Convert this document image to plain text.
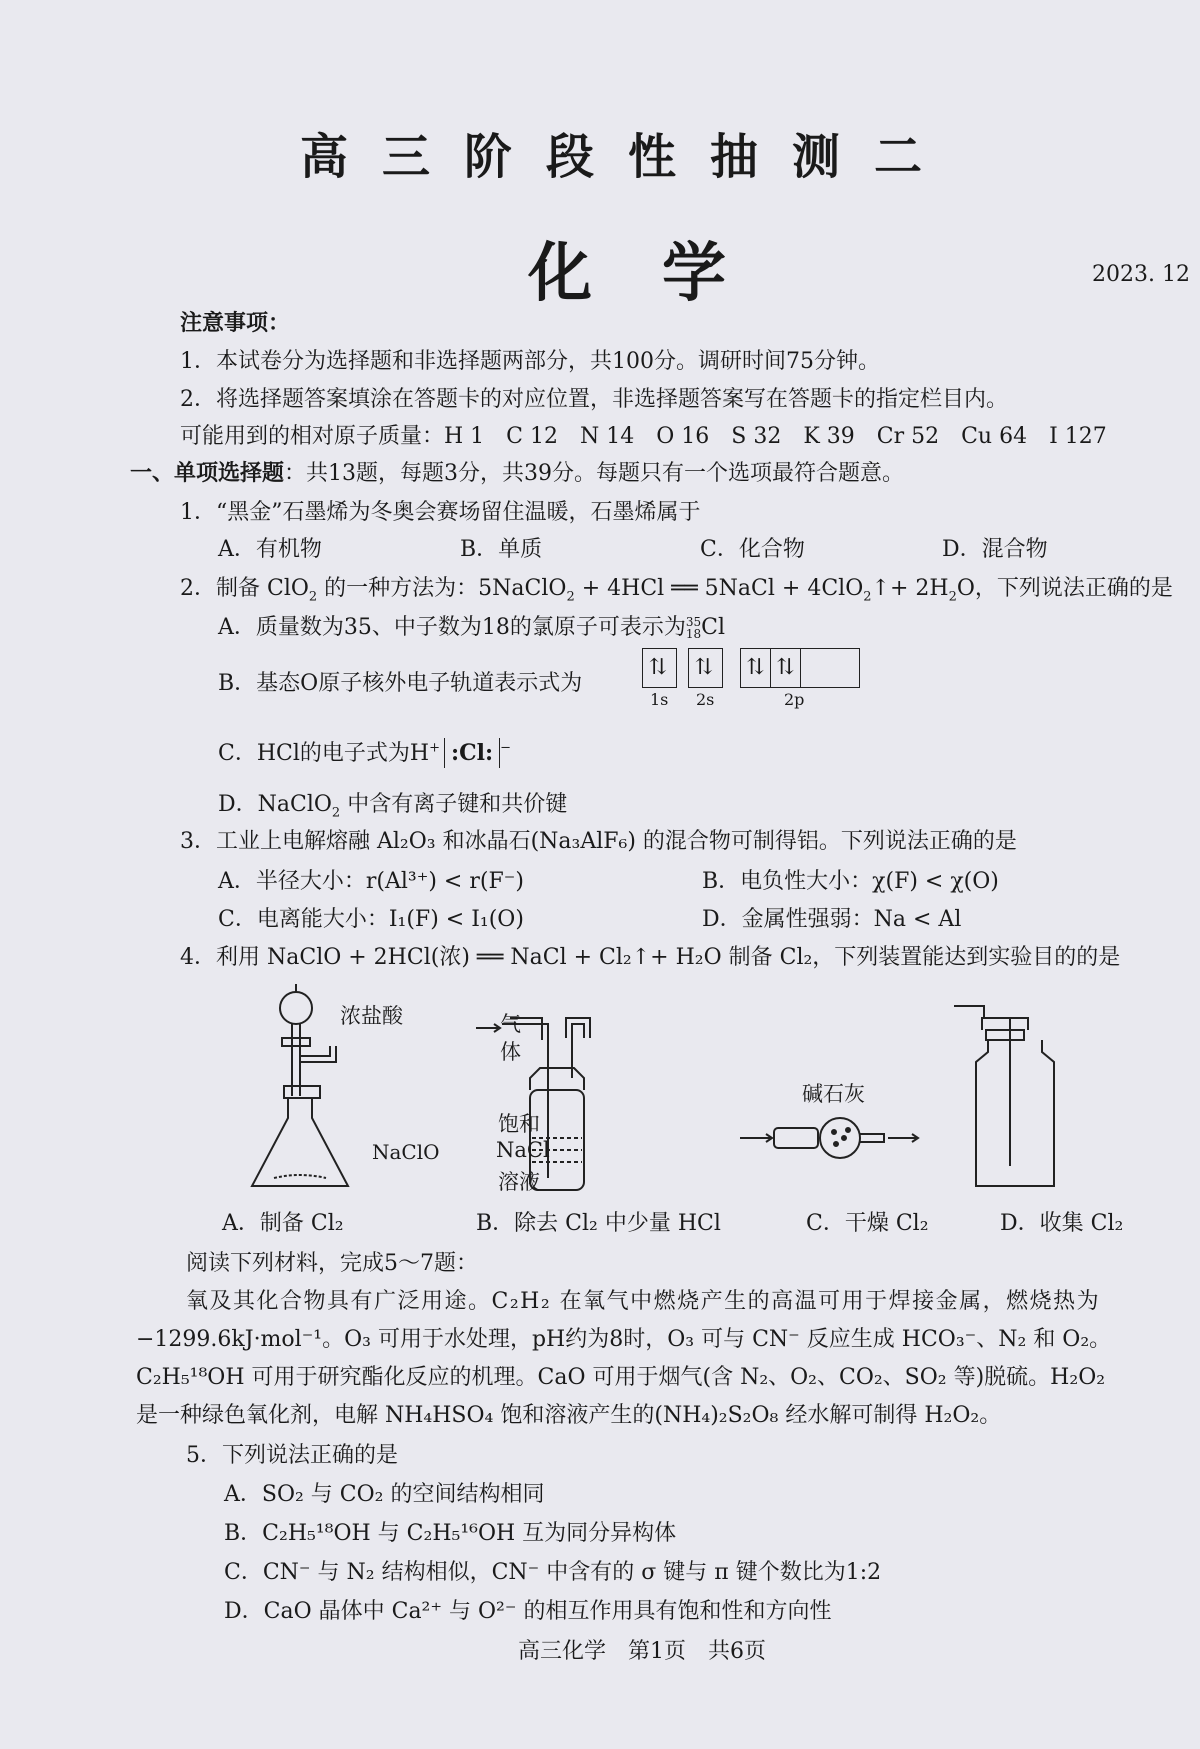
高三阶段性抽测二
化学	2023. 12
注意事项：
1．本试卷分为选择题和非选择题两部分，共100分。调研时间75分钟。
2．将选择题答案填涂在答题卡的对应位置，非选择题答案写在答题卡的指定栏目内。
可能用到的相对原子质量：H 1　C 12　N 14　O 16　S 32　K 39　Cr 52　Cu 64　I 127
一、单项选择题：共13题，每题3分，共39分。每题只有一个选项最符合题意。
1．“黑金”石墨烯为冬奥会赛场留住温暖，石墨烯属于
A．有机物	B．单质	C．化合物	D．混合物
2．制备 ClO$_2$ 的一种方法为：5NaClO$_2$ + 4HCl ══ 5NaCl + 4ClO$_2$↑+ $2H_2O$，下列说法正确的是
A．质量数为35、中子数为18的氯原子可表示为35
18Cl
B．基态O原子核外电子轨道表示式为
⇅	⇅	⇅ ⇅
1s 2s	2p
C．HCl的电子式为H+ :Cl: −
D．NaClO$_2$ 中含有离子键和共价键
3．工业上电解熔融 Al₂O₃ 和冰晶石(Na₃AlF₆) 的混合物可制得铝。下列说法正确的是
A．半径大小：r(Al³⁺) < r(F⁻)	B．电负性大小：χ(F) < χ(O)
C．电离能大小：I₁(F) < I₁(O)	D．金属性强弱：Na < Al
4．利用 NaClO + 2HCl(浓) ══ NaCl + Cl₂↑+ H₂O 制备 Cl₂，下列装置能达到实验目的的是
浓盐酸
NaClO
气
体
饱和
NaCl
溶液
碱石灰
A．制备 Cl₂	B．除去 Cl₂ 中少量 HCl	C．干燥 Cl₂	D．收集 Cl₂
阅读下列材料，完成5～7题：
氧及其化合物具有广泛用途。C₂H₂ 在氧气中燃烧产生的高温可用于焊接金属，燃烧热为
−1299.6kJ·mol⁻¹。O₃ 可用于水处理，pH约为8时，O₃ 可与 CN⁻ 反应生成 HCO₃⁻、N₂ 和 O₂。
C₂H₅¹⁸OH 可用于研究酯化反应的机理。CaO 可用于烟气(含 N₂、O₂、CO₂、SO₂ 等)脱硫。H₂O₂
是一种绿色氧化剂，电解 NH₄HSO₄ 饱和溶液产生的(NH₄)₂S₂O₈ 经水解可制得 H₂O₂。
5．下列说法正确的是
A．SO₂ 与 CO₂ 的空间结构相同
B．C₂H₅¹⁸OH 与 C₂H₅¹⁶OH 互为同分异构体
C．CN⁻ 与 N₂ 结构相似，CN⁻ 中含有的 σ 键与 π 键个数比为1:2
D．CaO 晶体中 Ca²⁺ 与 O²⁻ 的相互作用具有饱和性和方向性
高三化学　第1页　共6页
